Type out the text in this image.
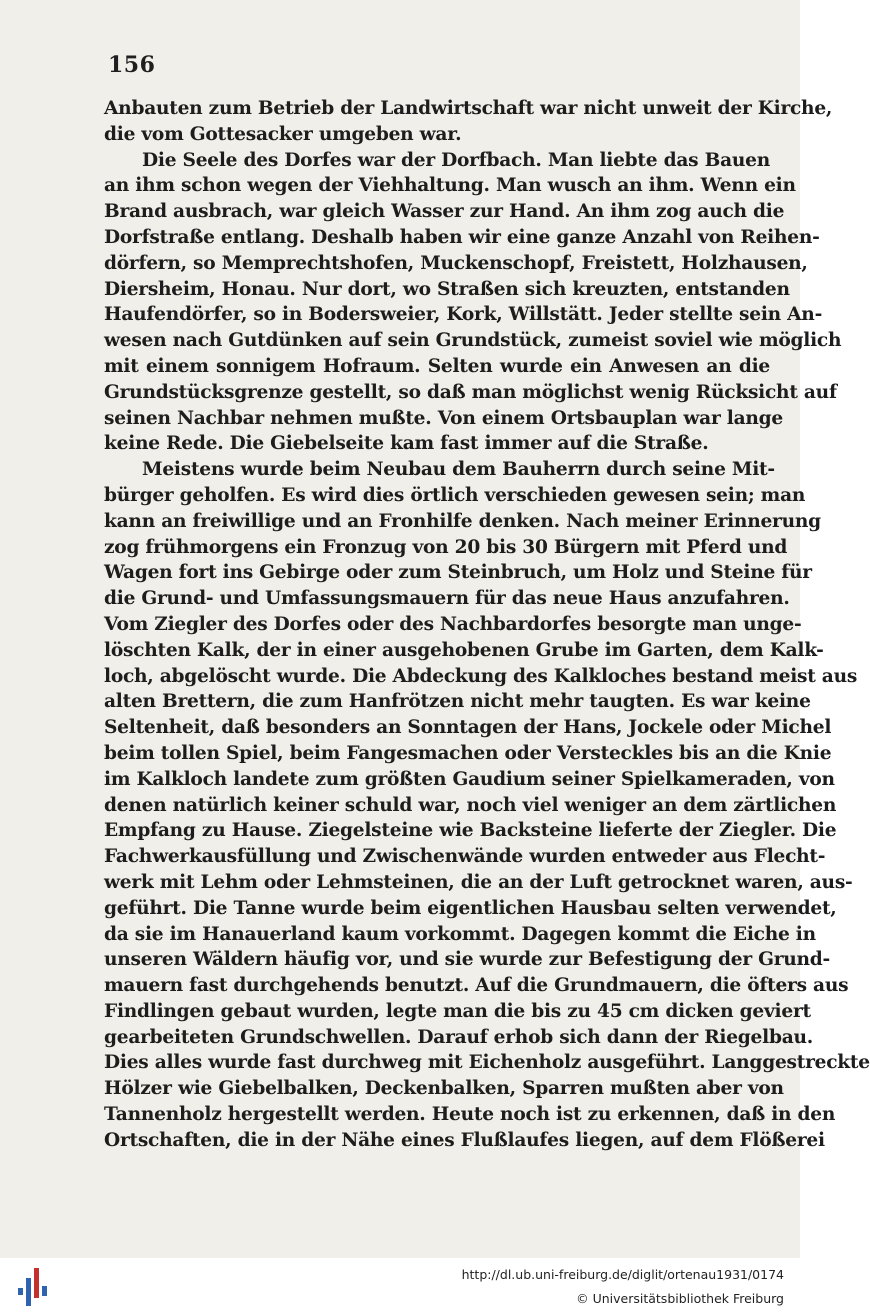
156
Anbauten zum Betrieb der Landwirtschaft war nicht unweit der Kirche,
die vom Gottesacker umgeben war.
Die Seele des Dorfes war der Dorfbach. Man liebte das Bauen
an ihm schon wegen der Viehhaltung. Man wusch an ihm. Wenn ein
Brand ausbrach, war gleich Wasser zur Hand. An ihm zog auch die
Dorfstraße entlang. Deshalb haben wir eine ganze Anzahl von Reihen-
dörfern, so Memprechtshofen, Muckenschopf, Freistett, Holzhausen,
Diersheim, Honau. Nur dort, wo Straßen sich kreuzten, entstanden
Haufendörfer, so in Bodersweier, Kork, Willstätt. Jeder stellte sein An-
wesen nach Gutdünken auf sein Grundstück, zumeist soviel wie möglich
mit einem sonnigem Hofraum. Selten wurde ein Anwesen an die
Grundstücksgrenze gestellt, so daß man möglichst wenig Rücksicht auf
seinen Nachbar nehmen mußte. Von einem Ortsbauplan war lange
keine Rede. Die Giebelseite kam fast immer auf die Straße.
Meistens wurde beim Neubau dem Bauherrn durch seine Mit-
bürger geholfen. Es wird dies örtlich verschieden gewesen sein; man
kann an freiwillige und an Fronhilfe denken. Nach meiner Erinnerung
zog frühmorgens ein Fronzug von 20 bis 30 Bürgern mit Pferd und
Wagen fort ins Gebirge oder zum Steinbruch, um Holz und Steine für
die Grund- und Umfassungsmauern für das neue Haus anzufahren.
Vom Ziegler des Dorfes oder des Nachbardorfes besorgte man unge-
löschten Kalk, der in einer ausgehobenen Grube im Garten, dem Kalk-
loch, abgelöscht wurde. Die Abdeckung des Kalkloches bestand meist aus
alten Brettern, die zum Hanfrötzen nicht mehr taugten. Es war keine
Seltenheit, daß besonders an Sonntagen der Hans, Jockele oder Michel
beim tollen Spiel, beim Fangesmachen oder Versteckles bis an die Knie
im Kalkloch landete zum größten Gaudium seiner Spielkameraden, von
denen natürlich keiner schuld war, noch viel weniger an dem zärtlichen
Empfang zu Hause. Ziegelsteine wie Backsteine lieferte der Ziegler. Die
Fachwerkausfüllung und Zwischenwände wurden entweder aus Flecht-
werk mit Lehm oder Lehmsteinen, die an der Luft getrocknet waren, aus-
geführt. Die Tanne wurde beim eigentlichen Hausbau selten verwendet,
da sie im Hanauerland kaum vorkommt. Dagegen kommt die Eiche in
unseren Wäldern häufig vor, und sie wurde zur Befestigung der Grund-
mauern fast durchgehends benutzt. Auf die Grundmauern, die öfters aus
Findlingen gebaut wurden, legte man die bis zu 45 cm dicken geviert
gearbeiteten Grundschwellen. Darauf erhob sich dann der Riegelbau.
Dies alles wurde fast durchweg mit Eichenholz ausgeführt. Langgestreckte
Hölzer wie Giebelbalken, Deckenbalken, Sparren mußten aber von
Tannenholz hergestellt werden. Heute noch ist zu erkennen, daß in den
Ortschaften, die in der Nähe eines Flußlaufes liegen, auf dem Flößerei
http://dl.ub.uni-freiburg.de/diglit/ortenau1931/0174
© Universitätsbibliothek Freiburg
